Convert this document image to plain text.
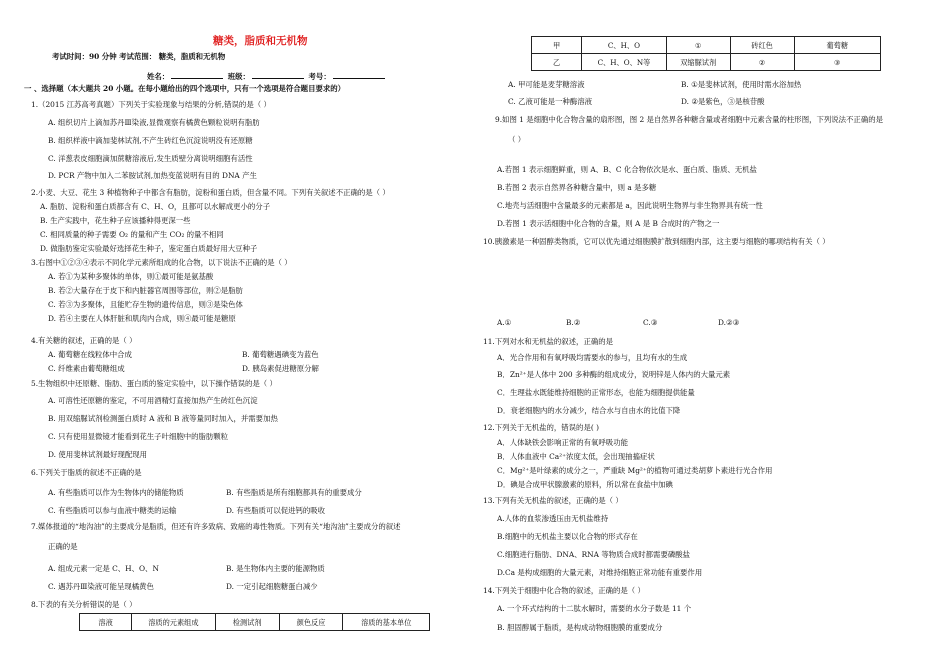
糖类，脂质和无机物
考试时间：90 分钟 考试范围： 糖类，脂质和无机物
姓名：	班级：	考号：
一 、选择题（本大题共 20 小题。在每小题给出的四个选项中，只有一个选项是符合题目要求的）
1.（2015 江苏高考真题）下列关于实验现象与结果的分析,错误的是（ ）
A. 组织切片上滴加苏丹Ⅲ染液,显微观察有橘黄色颗粒说明有脂肪
B. 组织样液中滴加斐林试剂,不产生砖红色沉淀说明没有还原糖
C. 洋葱表皮细胞滴加蔗糖溶液后,发生质壁分离说明细胞有活性
D. PCR 产物中加入二苯胺试剂,加热变蓝说明有目的 DNA 产生
2.小麦、大豆、花生 3 种植物种子中都含有脂肪，淀粉和蛋白质，但含量不同。下列有关叙述不正确的是（ ）
A. 脂肪、淀粉和蛋白质都含有 C、H、O，且都可以水解成更小的分子
B. 生产实践中，花生种子应该播种得更深一些
C. 相同质量的种子需要 O₂ 的量和产生 CO₂ 的量不相同
D. 做脂肪鉴定实验最好选择花生种子，鉴定蛋白质最好用大豆种子
3.右图中①②③④表示不同化学元素所组成的化合物，以下说法不正确的是（ ）
A. 若①为某种多聚体的单体，则①最可能是氨基酸
B. 若②大量存在于皮下和内脏器官周围等部位，则②是脂肪
C. 若③为多聚体，且能贮存生物的遗传信息，则③是染色体
D. 若④主要在人体肝脏和肌肉内合成，则④最可能是糖原
4.有关糖的叙述，正确的是（ ）
A. 葡萄糖在线粒体中合成	B. 葡萄糖遇碘变为蓝色
C. 纤维素由葡萄糖组成	D. 胰岛素促进糖原分解
5.生物组织中还原糖、脂肪、蛋白质的鉴定实验中，以下操作错误的是（ ）
A. 可溶性还原糖的鉴定，不可用酒精灯直接加热产生砖红色沉淀
B. 用双缩脲试剂检测蛋白质时 A 液和 B 液等量同时加入，并需要加热
C. 只有使用显微镜才能看到花生子叶细胞中的脂肪颗粒
D. 使用斐林试剂最好现配现用
6.下列关于脂质的叙述不正确的是
A. 有些脂质可以作为生物体内的储能物质	B. 有些脂质是所有细胞都具有的重要成分
C. 有些脂质可以参与血液中糖类的运输	D. 有些脂质可以促进钙的吸收
7.媒体报道的“地沟油”的主要成分是脂质，但还有许多致病、致癌的毒性物质。下列有关“地沟油”主要成分的叙述
正确的是
A. 组成元素一定是 C、H、O、N	B. 是生物体内主要的能源物质
C. 遇苏丹Ⅲ染液可能呈现橘黄色	D. 一定引起细胞糖蛋白减少
8.下表的有关分析错误的是（ ）
溶液	溶质的元素组成	检测试剂	颜色反应	溶质的基本单位
甲	C、H、O	①	砖红色	葡萄糖
乙	C、H、O、N等	双缩脲试剂	②	③
A. 甲可能是麦芽糖溶液	B. ①是斐林试剂，使用时需水浴加热
C. 乙液可能是一种酶溶液	D. ②是紫色，③是核苷酸
9.如图 1 是细胞中化合物含量的扇形图，图 2 是自然界各种糖含量或者细胞中元素含量的柱形图，下列说法不正确的是
（ ）
A.若图 1 表示细胞鲜重，则 A、B、C 化合物依次是水、蛋白质、脂质、无机盐
B.若图 2 表示自然界各种糖含量中，则 a 是多糖
C.地壳与活细胞中含量最多的元素都是 a，因此说明生物界与非生物界具有统一性
D.若图 1 表示活细胞中化合物的含量，则 A 是 B 合成时的产物之一
10.胰激素是一种固醇类物质，它可以优先通过细胞膜扩散到细胞内部，这主要与细胞的哪项结构有关（ ）
A.①	B.②	C.③	D.②③
11.下列对水和无机盐的叙述，正确的是
A．光合作用和有氧呼吸均需要水的参与，且均有水的生成
B．Zn²⁺是人体中 200 多种酶的组成成分，说明锌是人体内的大量元素
C．生理盐水既能维持细胞的正常形态，也能为细胞提供能量
D．衰老细胞内的水分减少，结合水与自由水的比值下降
12.下列关于无机盐的，错误的是( )
A．人体缺铁会影响正常的有氧呼吸功能
B．人体血液中 Ca²⁺浓度太低，会出现抽搐症状
C．Mg²⁺是叶绿素的成分之一，严重缺 Mg²⁺的植物可通过类胡萝卜素进行光合作用
D．碘是合成甲状腺激素的原料，所以常在食盐中加碘
13.下列有关无机盐的叙述，正确的是（ ）
A.人体的血浆渗透压由无机盐维持
B.细胞中的无机盐主要以化合物的形式存在
C.细胞进行脂肪、DNA、RNA 等物质合成时都需要磷酸盐
D.Ca 是构成细胞的大量元素，对维持细胞正常功能有重要作用
14.下列关于细胞中化合物的叙述，正确的是（ ）
A. 一个环式结构的十二肽水解时，需要的水分子数是 11 个
B. 胆固醇属于脂质，是构成动物细胞膜的重要成分
